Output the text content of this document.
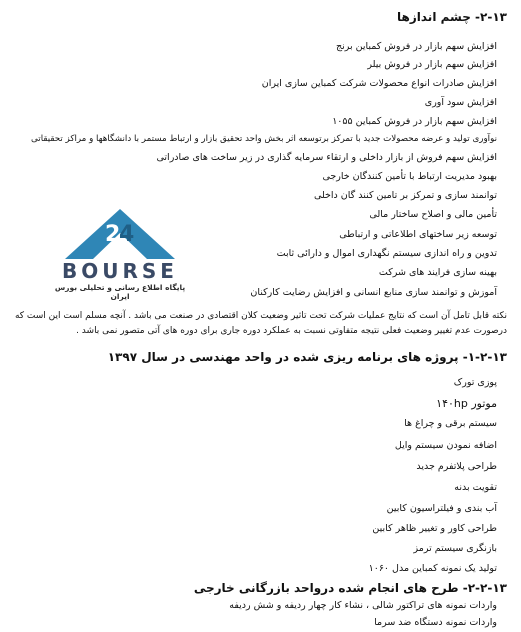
۲-۱۳- چشم اندازها
افزایش سهم بازار در فروش کمباین برنج
افزایش سهم بازار در فروش بیلر
افزایش صادرات انواع محصولات شرکت کمباین سازی ایران
افزایش سود آوری
افزایش سهم بازار در فروش کمباین ۱۰۵۵
نوآوری تولید و عرضه محصولات جدید با تمرکز برتوسعه اثر بخش واحد تحقیق بازار و ارتباط مستمر با دانشگاهها و مراکز تحقیقاتی
افزایش سهم فروش از بازار داخلی و ارتقاء سرمایه گذاری در زیر ساخت های صادراتی
بهبود مدیریت ارتباط با تأمین کنندگان خارجی
توانمند سازی و تمرکز بر تامین کنند گان داخلی
تأمین مالی و اصلاح ساختار مالی
توسعه زیر ساختهای اطلاعاتی و ارتباطی
تدوین و راه اندازی سیستم نگهداری اموال و دارائی ثابت
بهینه سازی فرایند های شرکت
آموزش و توانمند سازی منابع انسانی و افزایش رضایت کارکنان
نکته قابل تامل آن است که نتایج عملیات شرکت تحت تاثیر وضعیت کلان اقتصادی در صنعت می باشد . آنچه مسلم است این است که درصورت عدم تغییر وضعیت فعلی نتیجه متفاوتی نسبت به عملکرد دوره جاری برای دوره های آتی متصور نمی باشد .
۱-۲-۱۳- پروژه های برنامه ریزی شده در واحد مهندسی در سال ۱۳۹۷
پوزی تورک
موتور ۱۴۰hp
سیستم برقی و چراغ ها
اضافه نمودن سیستم وایل
طراحی پلاتفرم جدید
تقویت بدنه
آب بندی و فیلتراسیون کابین
طراحی کاور و تغییر ظاهر کابین
بازنگری سیستم ترمز
تولید یک نمونه کمباین مدل ۱۰۶۰
۲-۲-۱۳- طرح های انجام شده درواحد بازرگانی خارجی
واردات نمونه های تراکتور شالی ، نشاء کار چهار ردیفه و شش ردیفه
واردات نمونه دستگاه ضد سرما
2
4
BOURSE
پایگاه اطلاع رسانی و تحلیلی بورس ایران
